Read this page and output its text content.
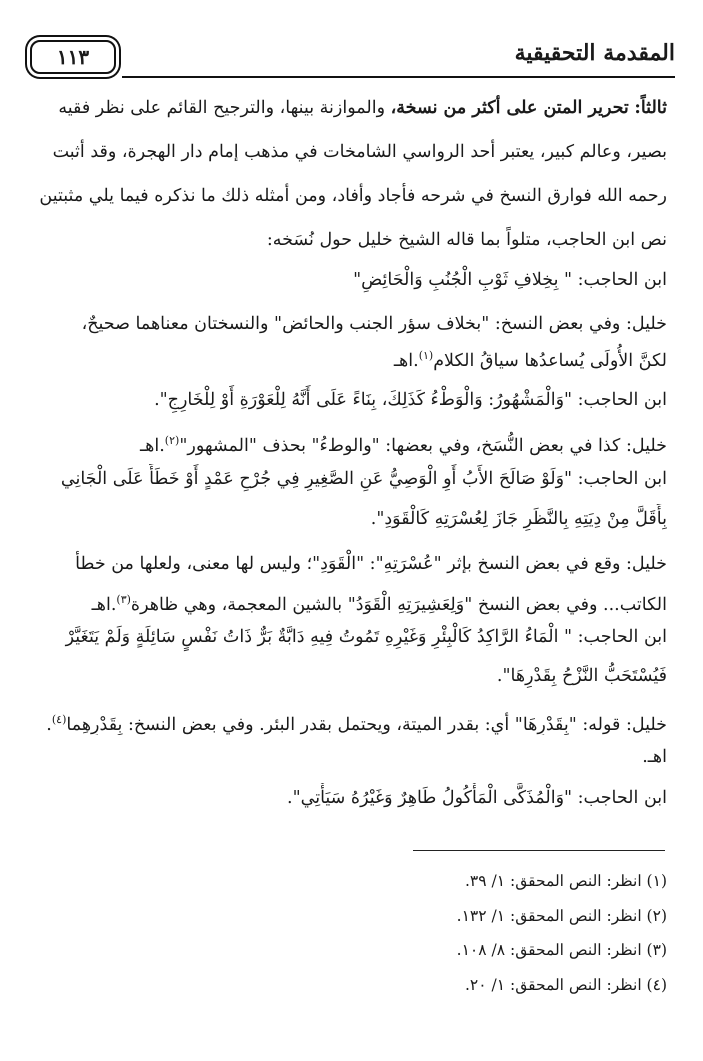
١١٣	المقدمة التحقيقية
ثالثاً: تحرير المتن على أكثر من نسخة، والموازنة بينها، والترجيح القائم على نظر فقيه
بصير، وعالم كبير، يعتبر أحد الرواسي الشامخات في مذهب إمام دار الهجرة، وقد أثبت
رحمه الله فوارق النسخ في شرحه فأجاد وأفاد، ومن أمثله ذلك ما نذكره فيما يلي مثبتين
نص ابن الحاجب، متلواً بما قاله الشيخ خليل حول نُسَخه:
ابن الحاجب: " بِخِلافِ ثَوْبِ الْجُنُبِ وَالْحَائِضِ"
خليل: وفي بعض النسخ: "بخلاف سؤر الجنب والحائض" والنسختان معناهما صحيحٌ،
لكنَّ الأُولَى يُساعدُها سياقُ الكلام$^{(١)}$.اهـ
ابن الحاجب: "وَالْمَشْهُورُ: وَالْوَطْءُ كَذَلِكَ، بِنَاءً عَلَى أَنَّهُ لِلْعَوْرَةِ أَوْ لِلْخَارِجِ".
خليل: كذا في بعض النُّسَخ، وفي بعضها: "والوطءُ" بحذف "المشهور"$^{(٢)}$.اهـ
ابن الحاجب: "وَلَوْ صَالَحَ الأَبُ أَوِ الْوَصِيُّ عَنِ الصَّغِيرِ فِي جُرْحِ عَمْدٍ أَوْ خَطَأً عَلَى الْجَانِي
بِأَقَلَّ مِنْ دِيَتِهِ بِالنَّظَرِ جَازَ لِعُسْرَتِهِ كَالْقَوَدِ".
خليل: وقع في بعض النسخ بإثر "عُسْرَتِهِ": "الْقَوَدِ"؛ وليس لها معنى، ولعلها من خطأ
الكاتب... وفي بعض النسخ "وَلِعَشِيرَتِهِ الْقَوَدُ" بالشين المعجمة، وهي ظاهرة$^{(٣)}$.اهـ
ابن الحاجب: " الْمَاءُ الرَّاكِدُ كَالْبِئْرِ وَغَيْرِهِ تَمُوتُ فِيهِ دَابَّةٌ بَرٌّ ذَاتُ نَفْسٍ سَائِلَةٍ وَلَمْ يَتَغَيَّرْ
فَيُسْتَحَبُّ النَّزْحُ بِقَدْرِهَا".
خليل: قوله: "بِقَدْرِهَا" أي: بقدر الميتة، ويحتمل بقدر البئر. وفي بعض النسخ: بِقَدْرِهِما$^{(٤)}$.
اهـ.
ابن الحاجب: "وَالْمُذَكَّى الْمَأْكُولُ طَاهِرٌ وَغَيْرُهُ سَيَأْتِي".
(١) انظر: النص المحقق: ١/ ٣٩.
(٢) انظر: النص المحقق: ١/ ١٣٢.
(٣) انظر: النص المحقق: ٨/ ١٠٨.
(٤) انظر: النص المحقق: ١/ ٢٠.
